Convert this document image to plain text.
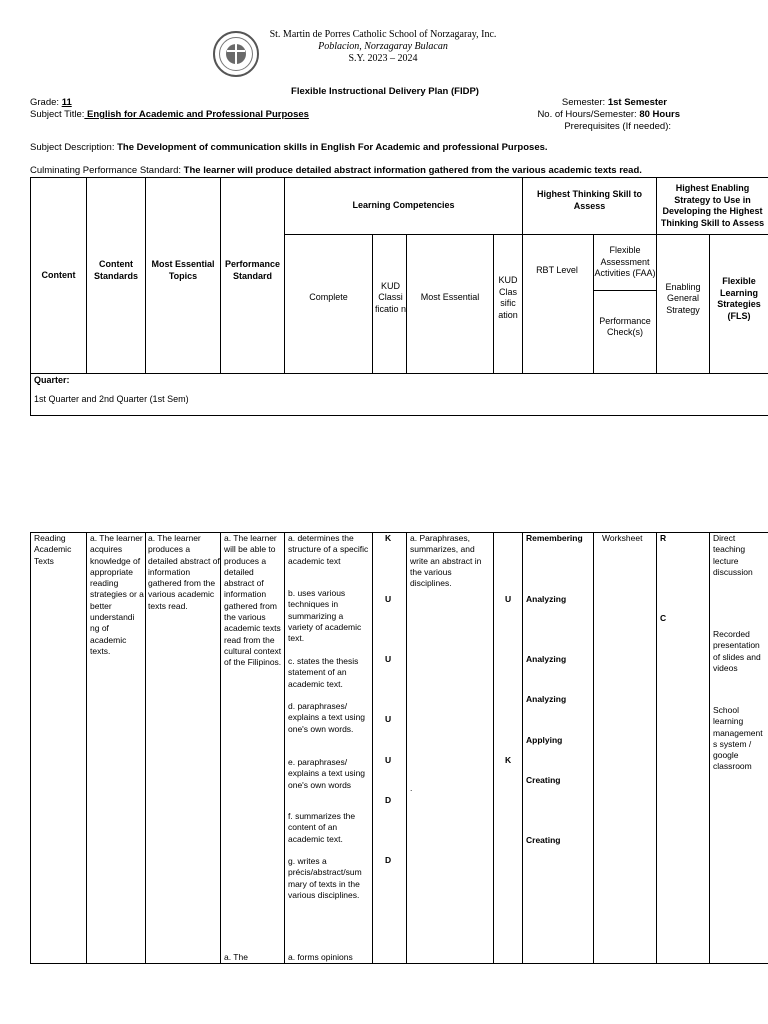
St. Martin de Porres Catholic School of Norzagaray, Inc.
Poblacion, Norzagaray Bulacan
S.Y. 2023 – 2024
Flexible Instructional Delivery Plan (FIDP)
Grade: 11
Subject Title: English for Academic and Professional Purposes
Semester: 1st Semester
No. of Hours/Semester: 80 Hours
Prerequisites (If needed):
Subject Description: The Development of communication skills in English For Academic and professional Purposes.
Culminating Performance Standard: The learner will produce detailed abstract information gathered from the various academic texts read.
Content
Content Standards
Most Essential Topics
Performance Standard
Learning Competencies
Complete
KUD Classi ficatio n
Most Essential
KUD Clas sific ation
Highest Thinking Skill to Assess
RBT Level
Flexible Assessment Activities (FAA)
Performance Check(s)
Highest Enabling Strategy to Use in Developing the Highest Thinking Skill to Assess
Enabling General Strategy
Flexible Learning Strategies (FLS)
Quarter:
1st Quarter and 2nd Quarter (1st Sem)
Reading Academic Texts
a. The learner acquires knowledge of appropriate reading strategies or a better understandi ng of academic texts.
a. The learner produces a detailed abstract of information gathered from the various academic texts read.
a. The learner will be able to produces a detailed abstract of information gathered from the various academic texts read from the cultural context of the Filipinos.
a. The
a. determines the structure of a specific academic text
b. uses various techniques in summarizing a variety of academic text.
c. states the thesis statement of an academic text.
d. paraphrases/ explains a text using one's own words.
e. paraphrases/ explains a text using one's own words
f. summarizes the content of an academic text.
g. writes a précis/abstract/sum mary of texts in the various disciplines.
a. forms opinions
K
U
U
U
U
D
D
a. Paraphrases, summarizes, and write an abstract in the various disciplines.
.
U
K
Remembering
Analyzing
Analyzing
Analyzing
Applying
Creating
Creating
Worksheet R
C
Direct teaching lecture discussion
Recorded presentation of slides and videos
School learning management s system / google classroom
